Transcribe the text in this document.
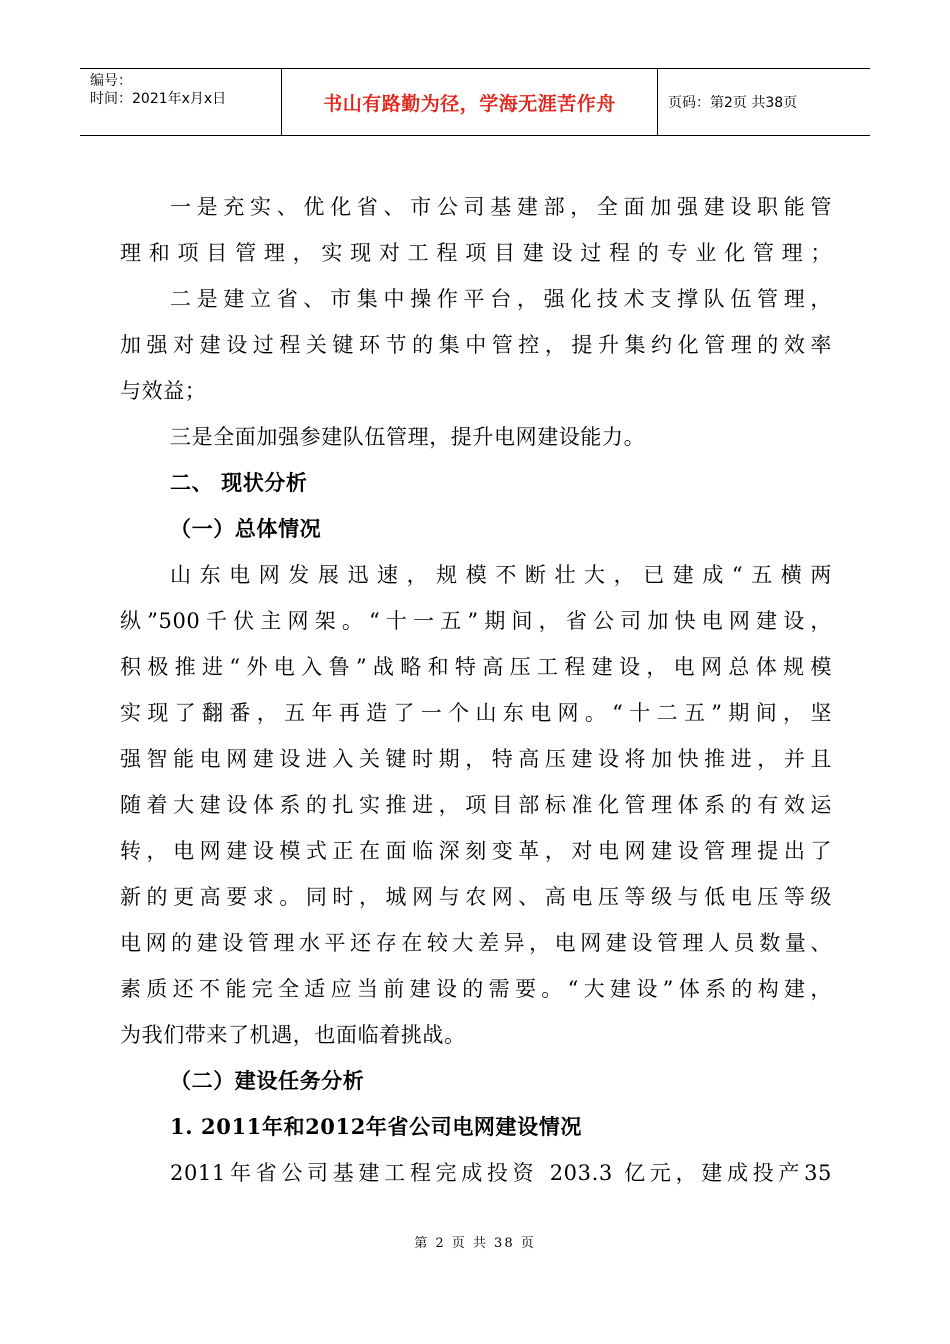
编号：
时间：2021年x月x日	书山有路勤为径，学海无涯苦作舟	页码：第2页 共38页
一是充实、优化省、市公司基建部，全面加强建设职能管
理和项目管理，实现对工程项目建设过程的专业化管理；
二是建立省、市集中操作平台，强化技术支撑队伍管理，
加强对建设过程关键环节的集中管控，提升集约化管理的效率
与效益；
三是全面加强参建队伍管理，提升电网建设能力。
二、 现状分析
（一）总体情况
山东电网发展迅速，规模不断壮大，已建成“五横两
纵”500千伏主网架。“十一五”期间，省公司加快电网建设，
积极推进“外电入鲁”战略和特高压工程建设，电网总体规模
实现了翻番，五年再造了一个山东电网。“十二五”期间，坚
强智能电网建设进入关键时期，特高压建设将加快推进，并且
随着大建设体系的扎实推进，项目部标准化管理体系的有效运
转，电网建设模式正在面临深刻变革，对电网建设管理提出了
新的更高要求。同时，城网与农网、高电压等级与低电压等级
电网的建设管理水平还存在较大差异，电网建设管理人员数量、
素质还不能完全适应当前建设的需要。“大建设”体系的构建，
为我们带来了机遇，也面临着挑战。
（二）建设任务分析
1. 2011年和2012年省公司电网建设情况
2011年省公司基建工程完成投资 203.3 亿元，建成投产35
第 2 页 共 38 页
